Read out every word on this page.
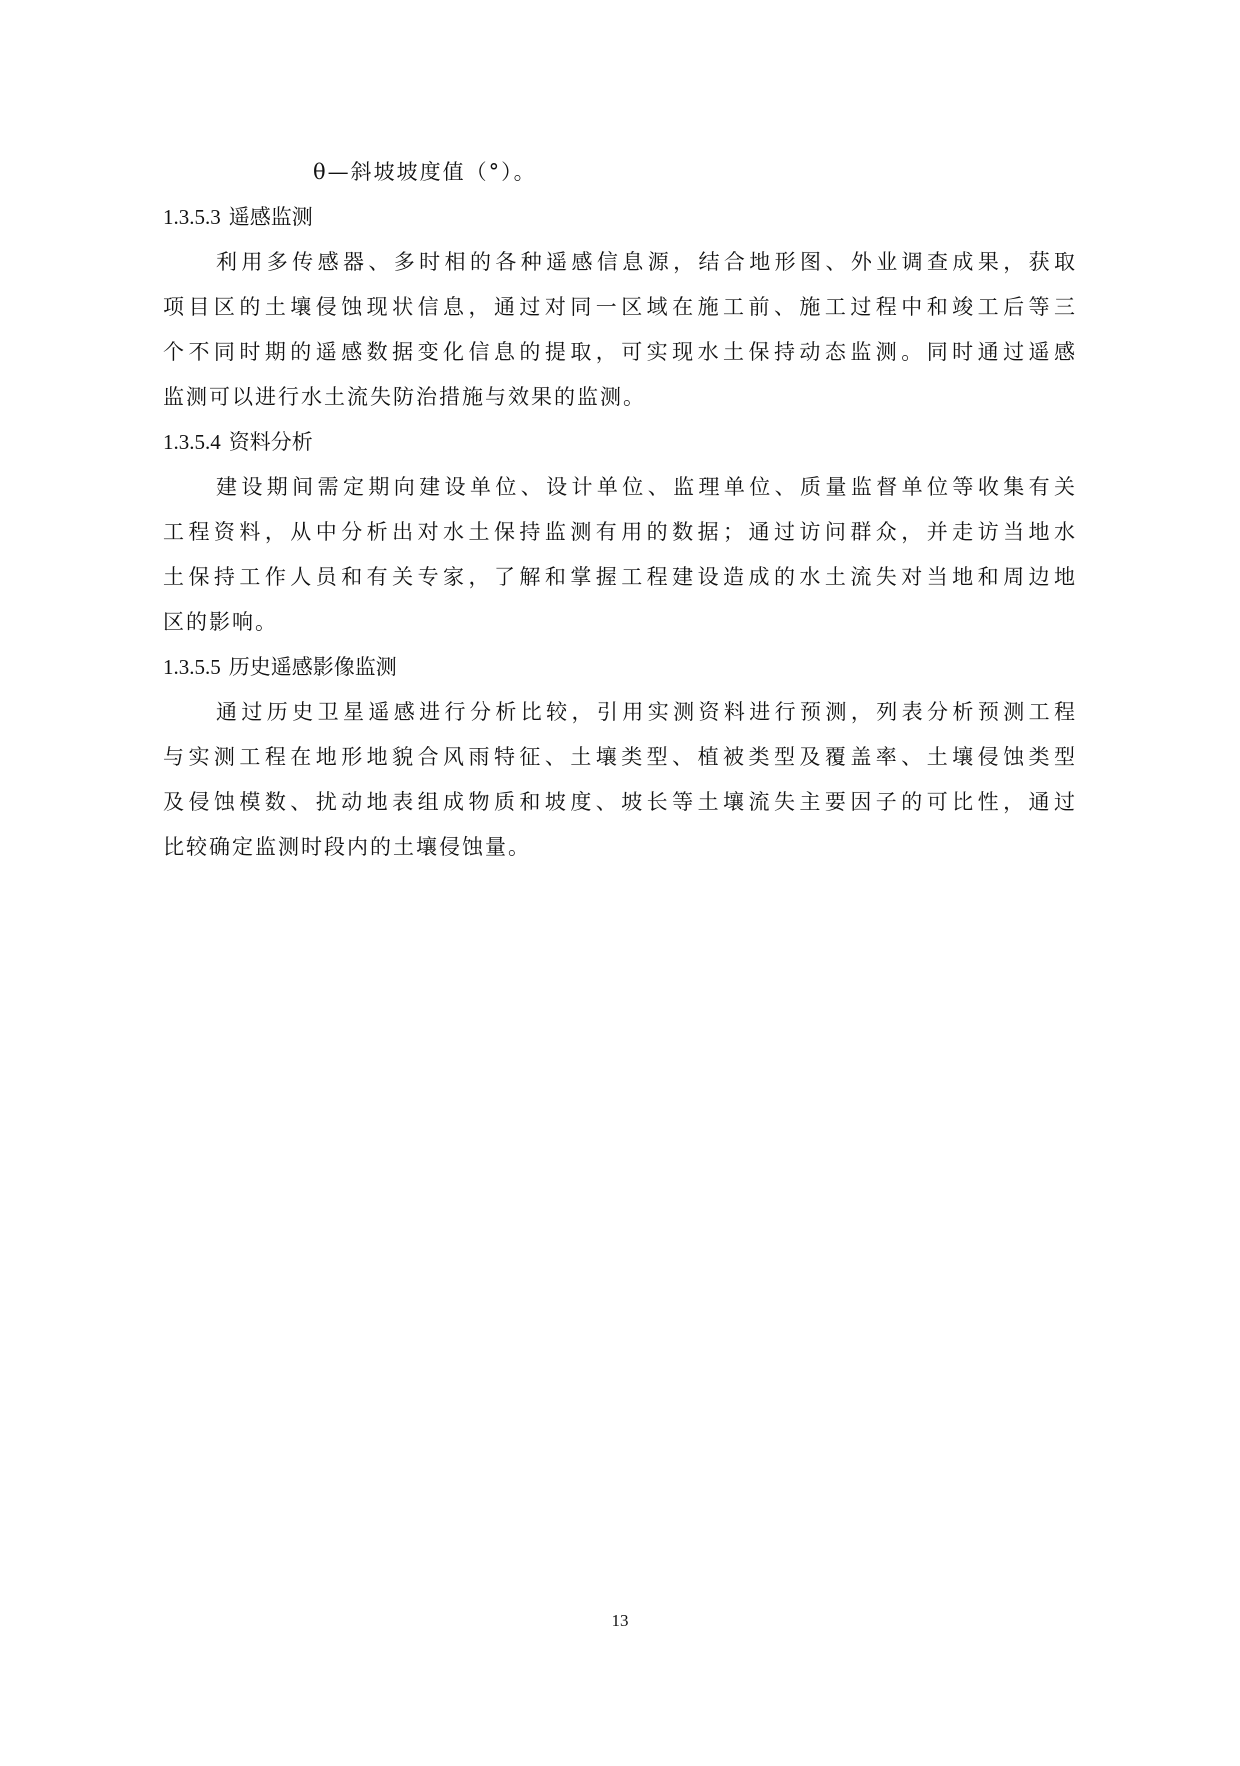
θ—斜坡坡度值（°）。
1.3.5.3 遥感监测
利用多传感器、多时相的各种遥感信息源，结合地形图、外业调查成果，获取
项目区的土壤侵蚀现状信息，通过对同一区域在施工前、施工过程中和竣工后等三
个不同时期的遥感数据变化信息的提取，可实现水土保持动态监测。同时通过遥感
监测可以进行水土流失防治措施与效果的监测。
1.3.5.4 资料分析
建设期间需定期向建设单位、设计单位、监理单位、质量监督单位等收集有关
工程资料，从中分析出对水土保持监测有用的数据；通过访问群众，并走访当地水
土保持工作人员和有关专家，了解和掌握工程建设造成的水土流失对当地和周边地
区的影响。
1.3.5.5 历史遥感影像监测
通过历史卫星遥感进行分析比较，引用实测资料进行预测，列表分析预测工程
与实测工程在地形地貌合风雨特征、土壤类型、植被类型及覆盖率、土壤侵蚀类型
及侵蚀模数、扰动地表组成物质和坡度、坡长等土壤流失主要因子的可比性，通过
比较确定监测时段内的土壤侵蚀量。
13
